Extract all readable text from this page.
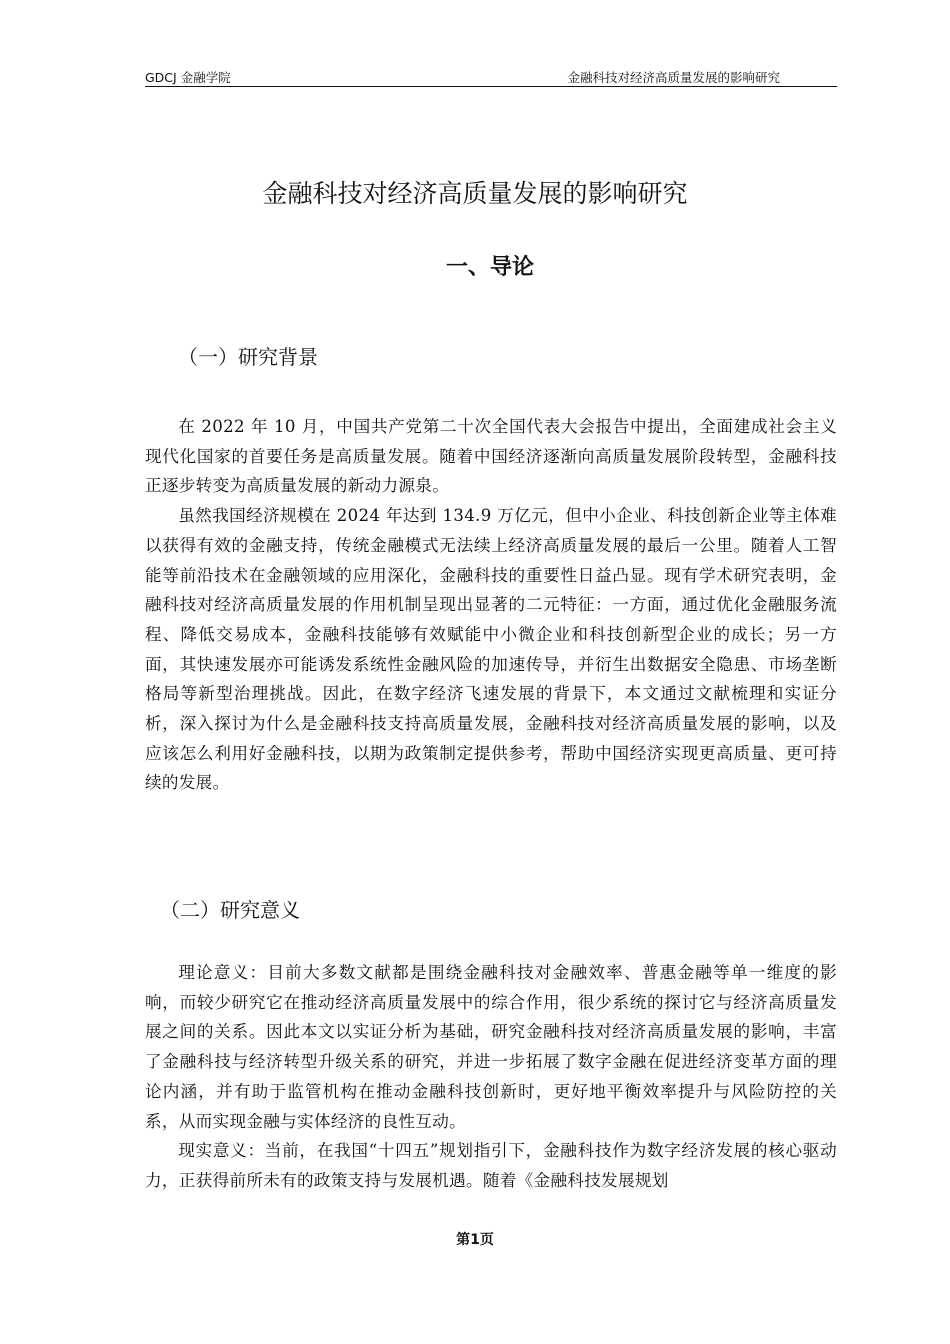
GDCJ 金融学院	金融科技对经济高质量发展的影响研究
金融科技对经济高质量发展的影响研究
一、导论
（一）研究背景

在 2022 年 10 月，中国共产党第二十次全国代表大会报告中提出，全面建成社会主义现代化国家的首要任务是高质量发展。随着中国经济逐渐向高质量发展阶段转型，金融科技正逐步转变为高质量发展的新动力源泉。

虽然我国经济规模在 2024 年达到 134.9 万亿元，但中小企业、科技创新企业等主体难以获得有效的金融支持，传统金融模式无法续上经济高质量发展的最后一公里。随着人工智能等前沿技术在金融领域的应用深化，金融科技的重要性日益凸显。现有学术研究表明，金融科技对经济高质量发展的作用机制呈现出显著的二元特征：一方面，通过优化金融服务流程、降低交易成本，金融科技能够有效赋能中小微企业和科技创新型企业的成长；另一方面，其快速发展亦可能诱发系统性金融风险的加速传导，并衍生出数据安全隐患、市场垄断格局等新型治理挑战。因此，在数字经济飞速发展的背景下，本文通过文献梳理和实证分析，深入探讨为什么是金融科技支持高质量发展，金融科技对经济高质量发展的影响，以及应该怎么利用好金融科技，以期为政策制定提供参考，帮助中国经济实现更高质量、更可持续的发展。

（二）研究意义

理论意义：目前大多数文献都是围绕金融科技对金融效率、普惠金融等单一维度的影响，而较少研究它在推动经济高质量发展中的综合作用，很少系统的探讨它与经济高质量发展之间的关系。因此本文以实证分析为基础，研究金融科技对经济高质量发展的影响，丰富了金融科技与经济转型升级关系的研究，并进一步拓展了数字金融在促进经济变革方面的理论内涵，并有助于监管机构在推动金融科技创新时，更好地平衡效率提升与风险防控的关系，从而实现金融与实体经济的良性互动。

现实意义：当前，在我国“十四五”规划指引下，金融科技作为数字经济发展的核心驱动力，正获得前所未有的政策支持与发展机遇。随着《金融科技发展规划

第1页
